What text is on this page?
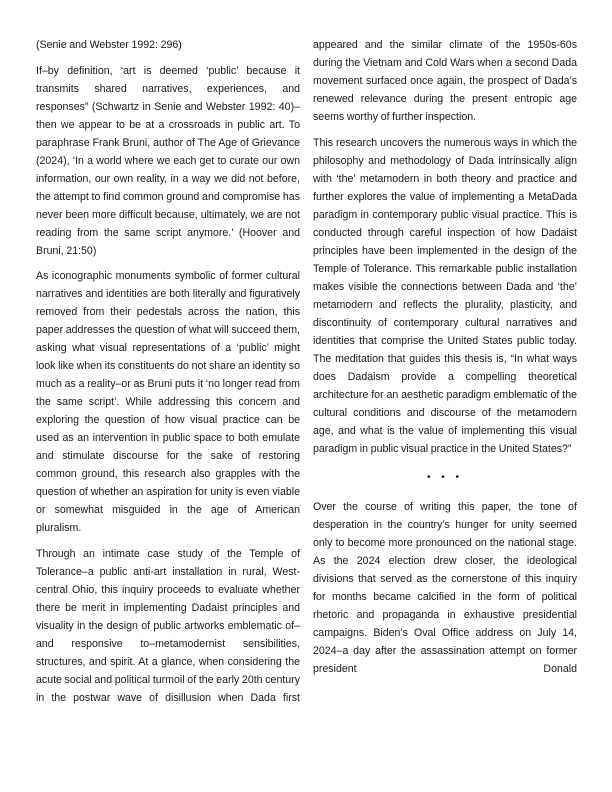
(Senie and Webster 1992: 296)

If–by definition, ‘art is deemed ‘public’ because it transmits shared narratives, experiences, and responses” (Schwartz in Senie and Webster 1992: 40)–then we appear to be at a crossroads in public art. To paraphrase Frank Bruni, author of The Age of Grievance (2024), ‘In a world where we each get to curate our own information, our own reality, in a way we did not before, the attempt to find common ground and compromise has never been more difficult because, ultimately, we are not reading from the same script anymore.’ (Hoover and Bruni, 21:50)

As iconographic monuments symbolic of former cultural narratives and identities are both literally and figuratively removed from their pedestals across the nation, this paper addresses the question of what will succeed them, asking what visual representations of a ‘public’ might look like when its constituents do not share an identity so much as a reality–or as Bruni puts it ‘no longer read from the same script’. While addressing this concern and exploring the question of how visual practice can be used as an intervention in public space to both emulate and stimulate discourse for the sake of restoring common ground, this research also grapples with the question of whether an aspiration for unity is even viable or somewhat misguided in the age of American pluralism.

Through an intimate case study of the Temple of Tolerance–a public anti-art installation in rural, West-central Ohio, this inquiry proceeds to evaluate whether there be merit in implementing Dadaist principles and visuality in the design of public artworks emblematic of–and responsive to–metamodernist sensibilities, structures, and spirit. At a glance, when considering the acute social and political turmoil of the early 20th century in the postwar wave of disillusion when Dada first

appeared and the similar climate of the 1950s-60s during the Vietnam and Cold Wars when a second Dada movement surfaced once again, the prospect of Dada’s renewed relevance during the present entropic age seems worthy of further inspection.

This research uncovers the numerous ways in which the philosophy and methodology of Dada intrinsically align with ‘the’ metamodern in both theory and practice and further explores the value of implementing a MetaDada paradigm in contemporary public visual practice. This is conducted through careful inspection of how Dadaist principles have been implemented in the design of the Temple of Tolerance. This remarkable public installation makes visible the connections between Dada and ‘the’ metamodern and reflects the plurality, plasticity, and discontinuity of contemporary cultural narratives and identities that comprise the United States public today. The meditation that guides this thesis is, “In what ways does Dadaism provide a compelling theoretical architecture for an aesthetic paradigm emblematic of the cultural conditions and discourse of the metamodern age, and what is the value of implementing this visual paradigm in public visual practice in the United States?”

• • •

Over the course of writing this paper, the tone of desperation in the country’s hunger for unity seemed only to become more pronounced on the national stage. As the 2024 election drew closer, the ideological divisions that served as the cornerstone of this inquiry for months became calcified in the form of political rhetoric and propaganda in exhaustive presidential campaigns. Biden’s Oval Office address on July 14, 2024–a day after the assassination attempt on former president Donald
